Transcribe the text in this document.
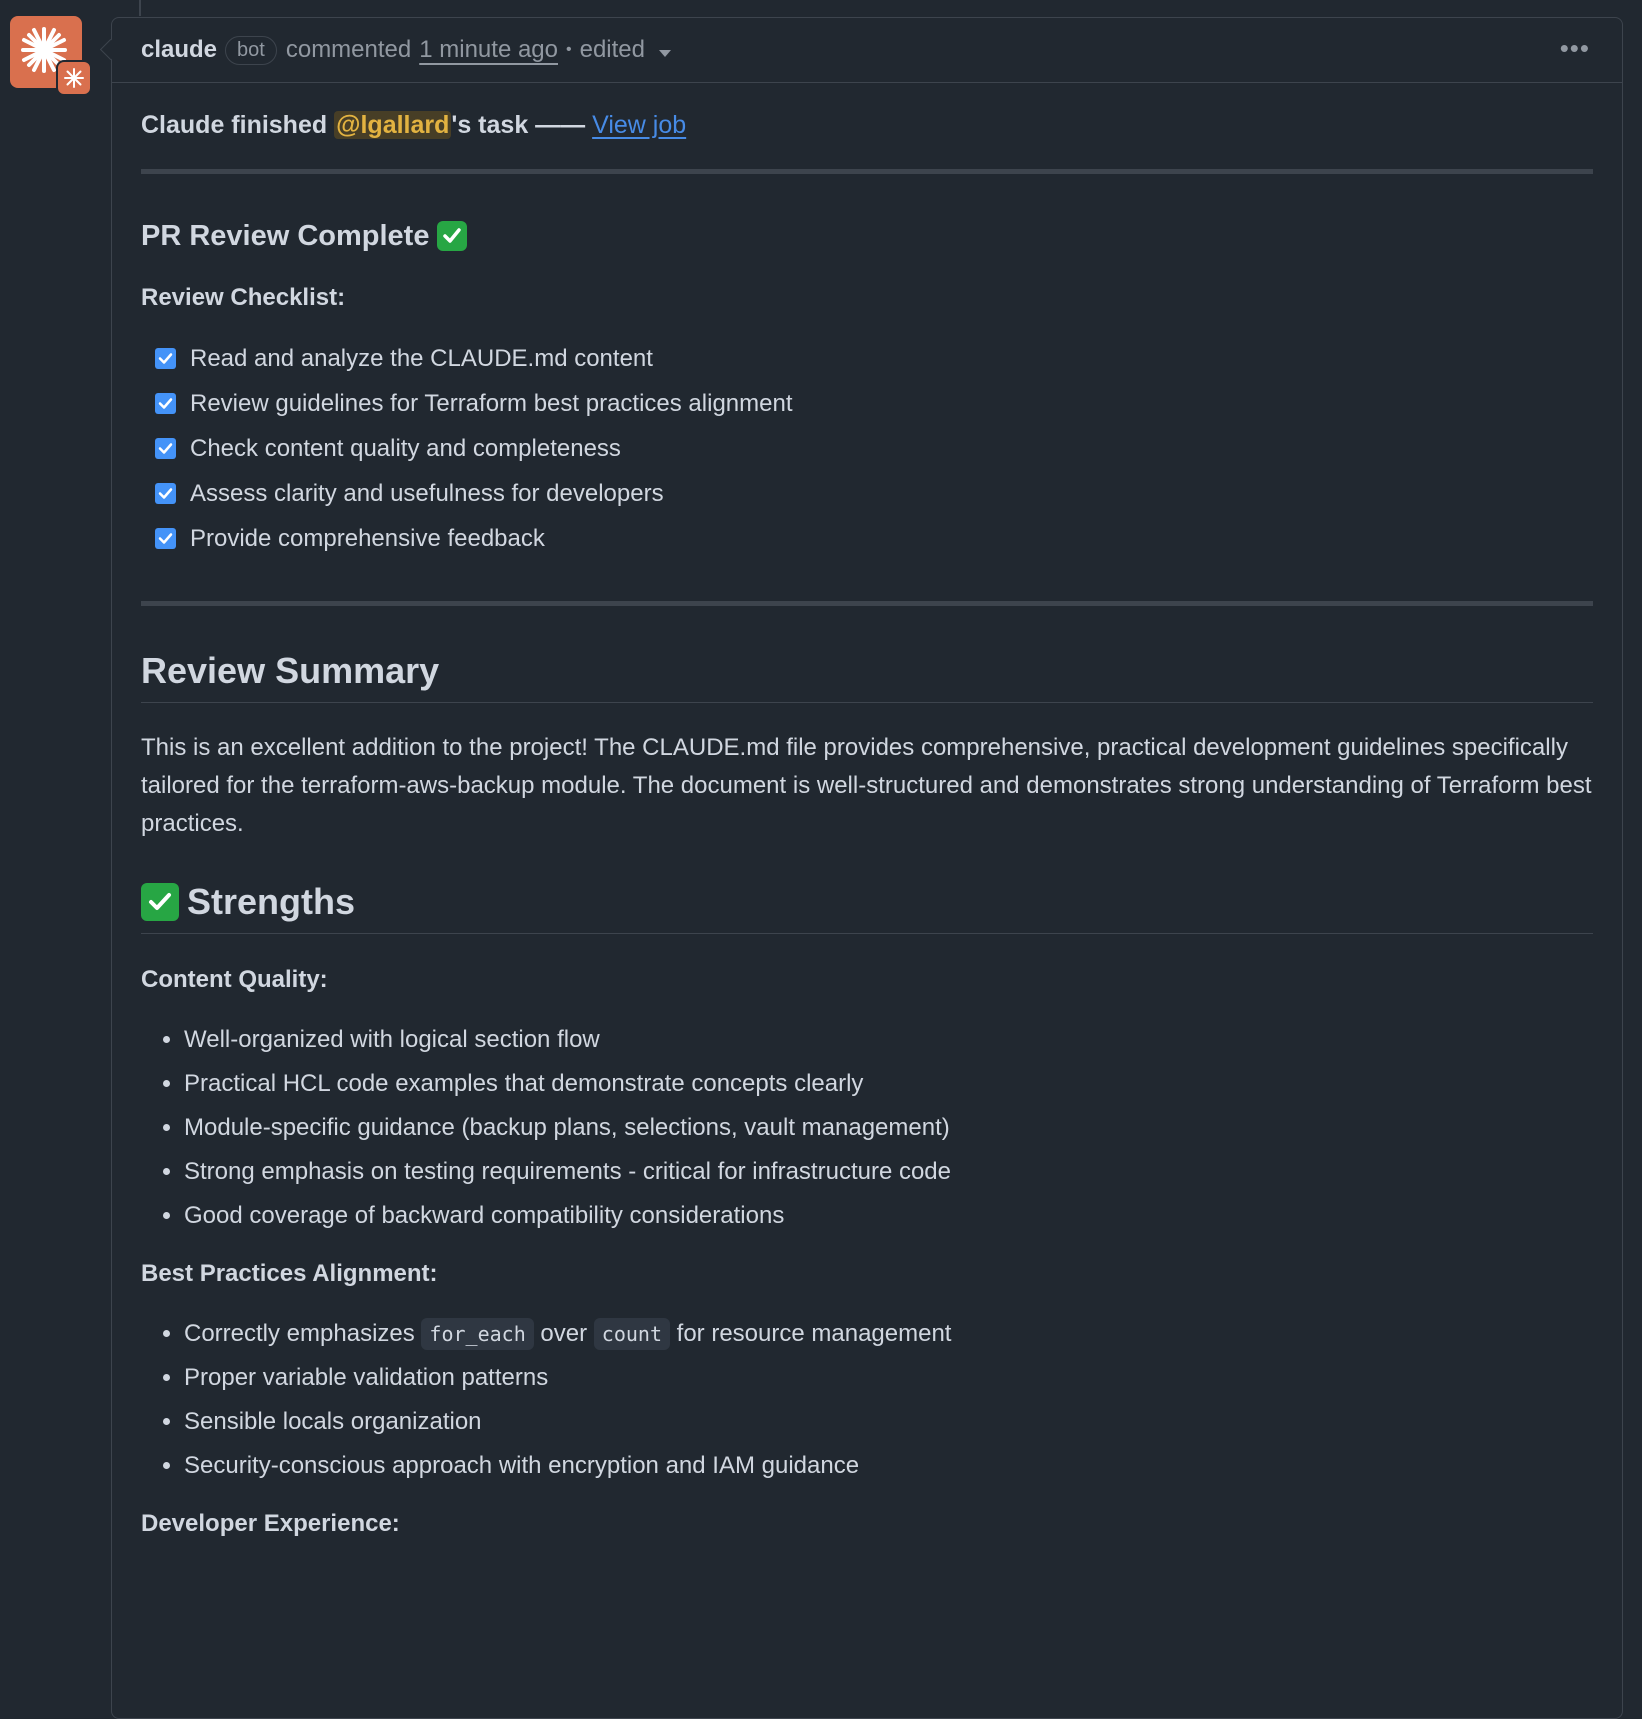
claude	bot commented 1 minute ago • edited	•••
Claude finished @lgallard's task —— View job
PR Review Complete
Review Checklist:
Read and analyze the CLAUDE.md content
Review guidelines for Terraform best practices alignment
Check content quality and completeness
Assess clarity and usefulness for developers
Provide comprehensive feedback
Review Summary
This is an excellent addition to the project! The CLAUDE.md file provides comprehensive, practical development guidelines specifically tailored for the terraform-aws-backup module. The document is well-structured and demonstrates strong understanding of Terraform best practices.
Strengths
Content Quality:
• Well-organized with logical section flow
• Practical HCL code examples that demonstrate concepts clearly
• Module-specific guidance (backup plans, selections, vault management)
• Strong emphasis on testing requirements - critical for infrastructure code
• Good coverage of backward compatibility considerations
Best Practices Alignment:
• Correctly emphasizes for_each over count for resource management
• Proper variable validation patterns
• Sensible locals organization
• Security-conscious approach with encryption and IAM guidance
Developer Experience:
